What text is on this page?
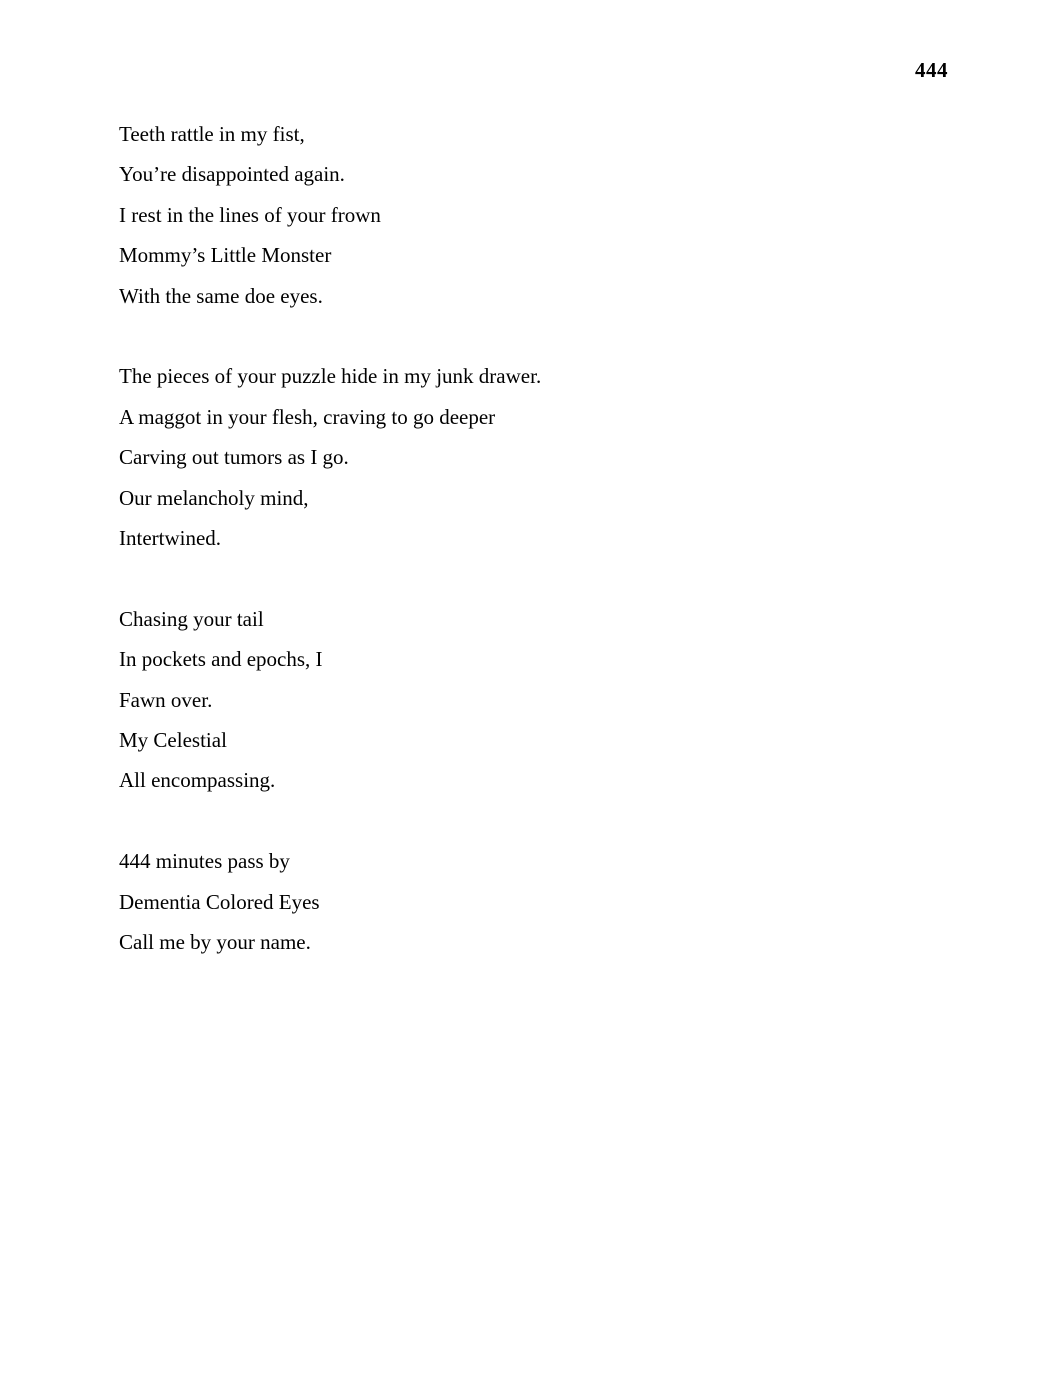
444
Teeth rattle in my fist,
You’re disappointed again.
I rest in the lines of your frown
Mommy’s Little Monster
With the same doe eyes.
The pieces of your puzzle hide in my junk drawer.
A maggot in your flesh, craving to go deeper
Carving out tumors as I go.
Our melancholy mind,
Intertwined.
Chasing your tail
In pockets and epochs, I
Fawn over.
My Celestial
All encompassing.
444 minutes pass by
Dementia Colored Eyes
Call me by your name.
